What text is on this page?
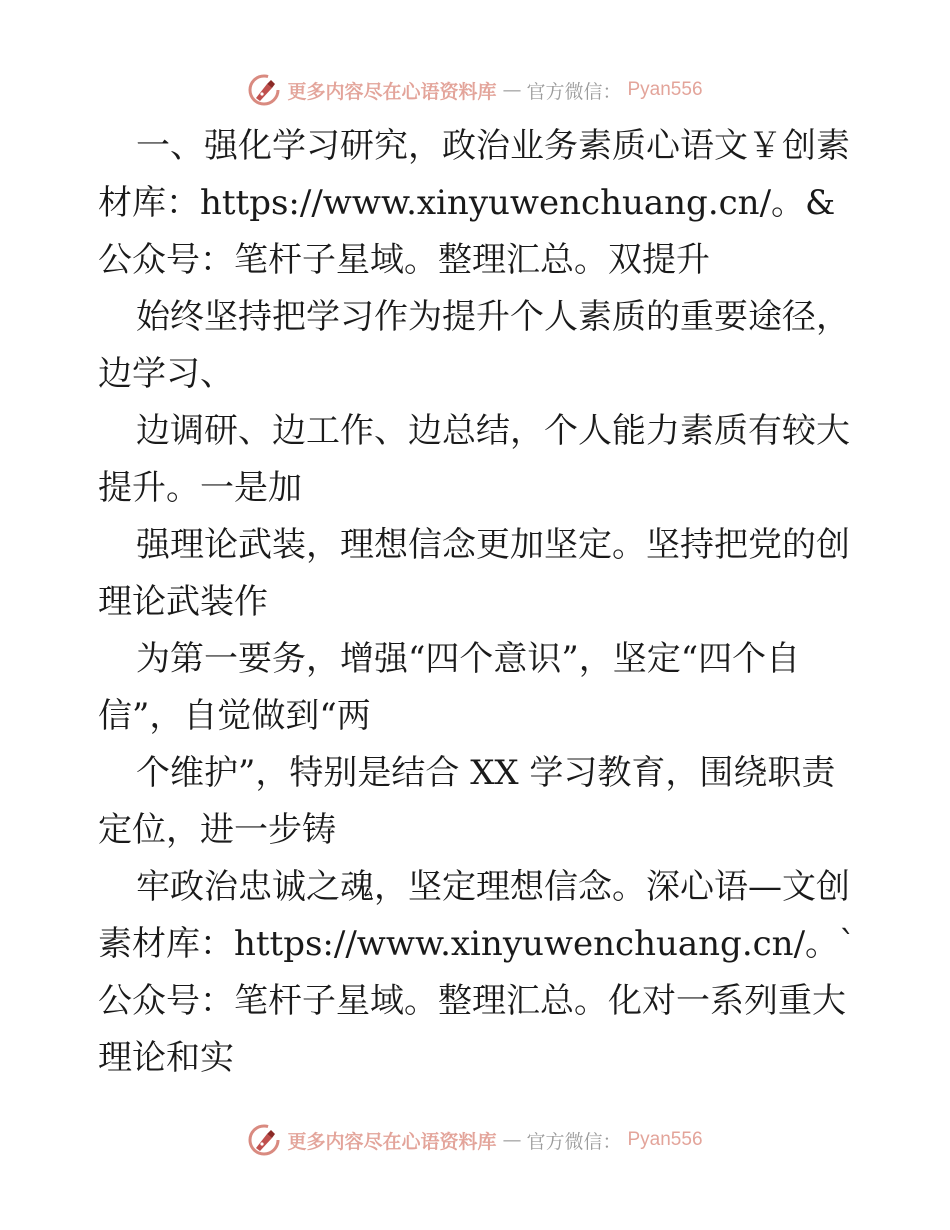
更多内容尽在心语资料库 — 官方微信： Pyan556

一、强化学习研究，政治业务素质心语文￥创素材库：https://www.xinyuwenchuang.cn/。&公众号：笔杆子星域。整理汇总。双提升

始终坚持把学习作为提升个人素质的重要途径，边学习、

边调研、边工作、边总结，个人能力素质有较大提升。一是加

强理论武装，理想信念更加坚定。坚持把党的创理论武装作

为第一要务，增强“四个意识”，坚定“四个自信”，自觉做到“两

个维护”，特别是结合 XX 学习教育，围绕职责定位，进一步铸

牢政治忠诚之魂，坚定理想信念。深心语—文创素材库：https://www.xinyuwenchuang.cn/。`公众号：笔杆子星域。整理汇总。化对一系列重大理论和实

更多内容尽在心语资料库 — 官方微信： Pyan556
